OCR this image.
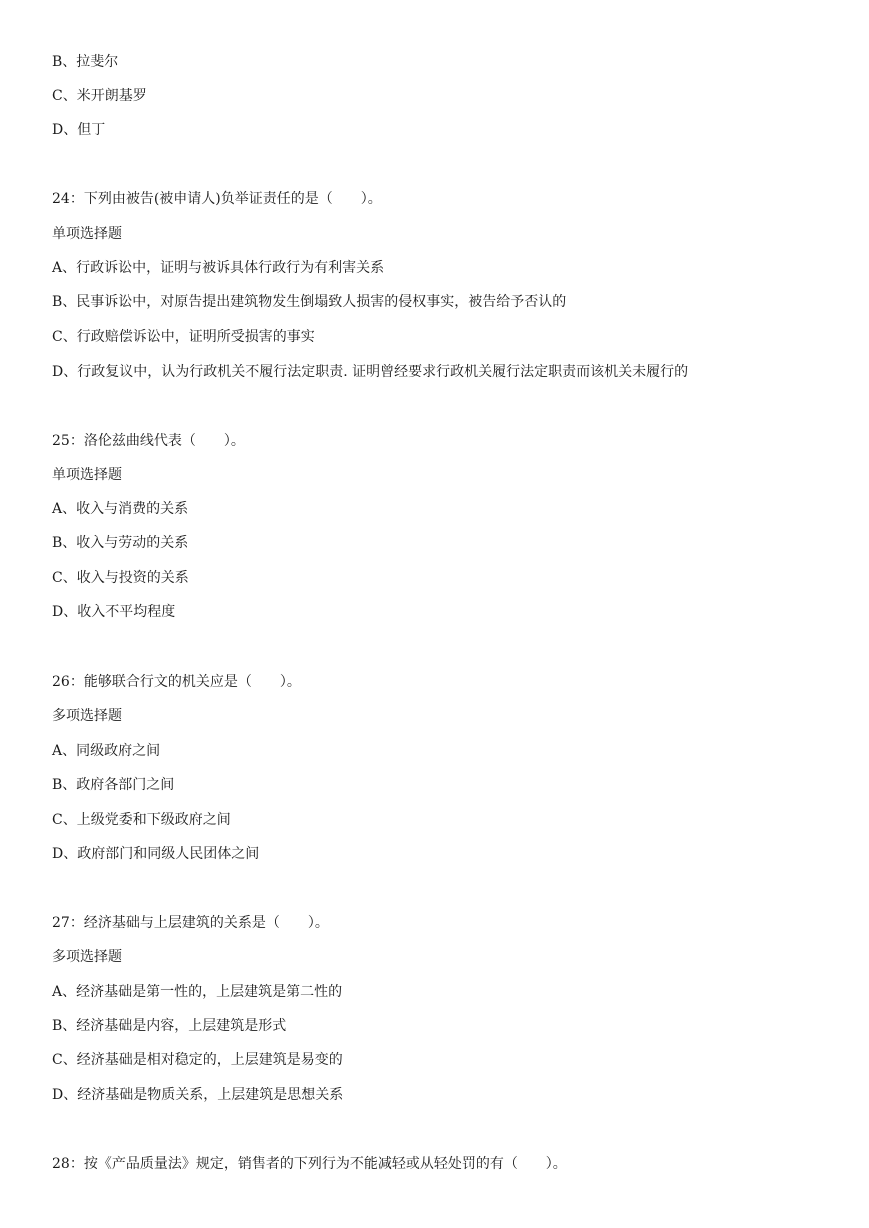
B、拉斐尔
C、米开朗基罗
D、但丁
24：下列由被告(被申请人)负举证责任的是（　　）。
单项选择题
A、行政诉讼中，证明与被诉具体行政行为有利害关系
B、民事诉讼中，对原告提出建筑物发生倒塌致人损害的侵权事实，被告给予否认的
C、行政赔偿诉讼中，证明所受损害的事实
D、行政复议中，认为行政机关不履行法定职责. 证明曾经要求行政机关履行法定职责而该机关未履行的
25：洛伦兹曲线代表（　　）。
单项选择题
A、收入与消费的关系
B、收入与劳动的关系
C、收入与投资的关系
D、收入不平均程度
26：能够联合行文的机关应是（　　）。
多项选择题
A、同级政府之间
B、政府各部门之间
C、上级党委和下级政府之间
D、政府部门和同级人民团体之间
27：经济基础与上层建筑的关系是（　　）。
多项选择题
A、经济基础是第一性的，上层建筑是第二性的
B、经济基础是内容，上层建筑是形式
C、经济基础是相对稳定的，上层建筑是易变的
D、经济基础是物质关系，上层建筑是思想关系
28：按《产品质量法》规定，销售者的下列行为不能减轻或从轻处罚的有（　　）。
